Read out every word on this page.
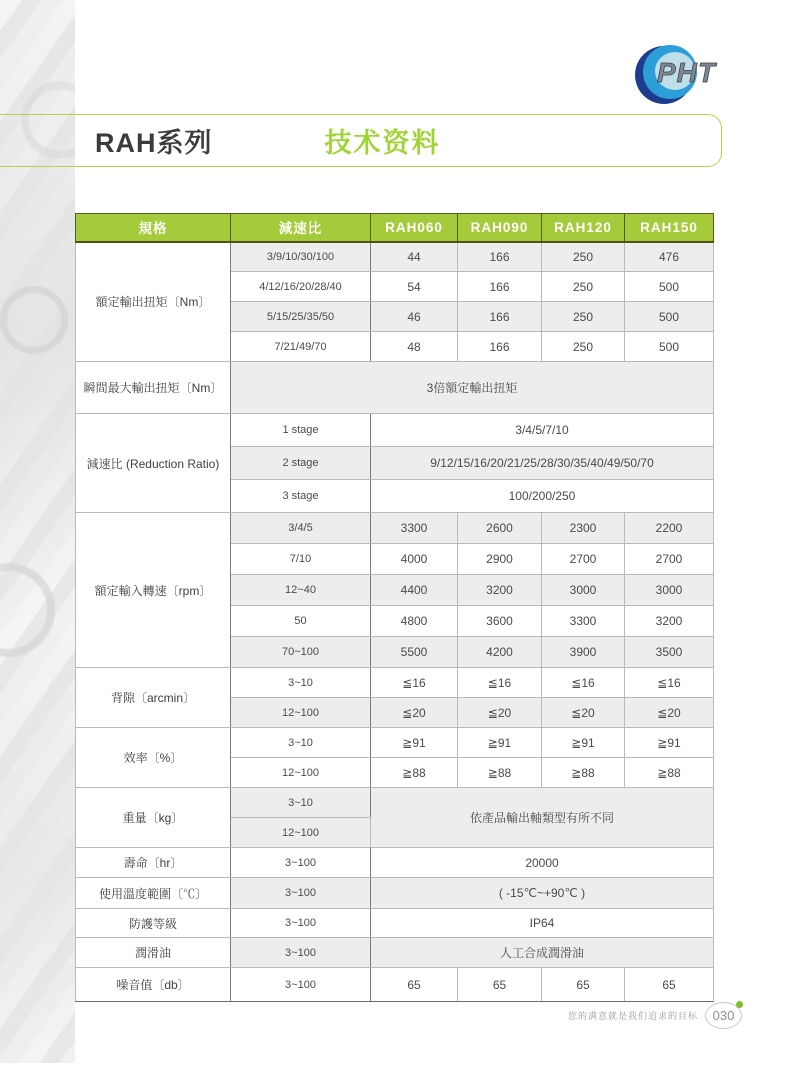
PHT
RAH系列	技术资料
規格	減速比	RAH060	RAH090	RAH120	RAH150
額定輸出扭矩〔Nm〕	3/9/10/30/100	44	166	250	476
	4/12/16/20/28/40	54	166	250	500
	5/15/25/35/50	46	166	250	500
	7/21/49/70	48	166	250	500
瞬間最大輸出扭矩〔Nm〕	3倍額定輸出扭矩				
減速比 (Reduction Ratio)	1 stage	3/4/5/7/10			
	2 stage	9/12/15/16/20/21/25/28/30/35/40/49/50/70			
	3 stage	100/200/250			
額定輸入轉速〔rpm〕	3/4/5	3300	2600	2300	2200
	7/10	4000	2900	2700	2700
	12~40	4400	3200	3000	3000
	50	4800	3600	3300	3200
	70~100	5500	4200	3900	3500
背隙〔arcmin〕	3~10	≦16	≦16	≦16	≦16
	12~100	≦20	≦20	≦20	≦20
效率〔%〕	3~10	≧91	≧91	≧91	≧91
	12~100	≧88	≧88	≧88	≧88
重量〔kg〕	3~10	依產品輸出軸類型有所不同			
	12~100				
壽命〔hr〕	3~100	20000			
使用溫度範圍〔℃〕	3~100	( -15℃~+90℃ )			
防護等級	3~100	IP64			
潤滑油	3~100	人工合成潤滑油			
噪音值〔db〕	3~100	65	65	65	65
您的满意就是我们追求的目标 030
